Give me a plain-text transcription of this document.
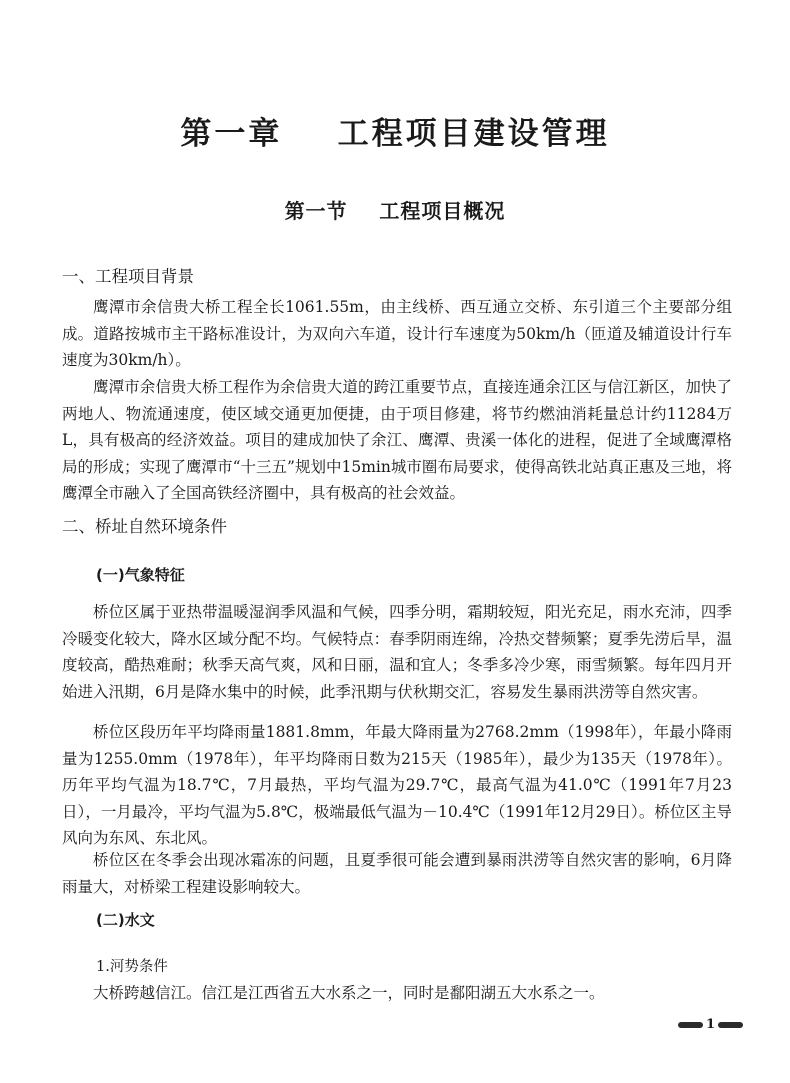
第一章    工程项目建设管理
第一节    工程项目概况
一、工程项目背景

鹰潭市余信贵大桥工程全长1061.55m，由主线桥、西互通立交桥、东引道三个主要部分组成。道路按城市主干路标准设计，为双向六车道，设计行车速度为50km/h（匝道及辅道设计行车速度为30km/h）。

鹰潭市余信贵大桥工程作为余信贵大道的跨江重要节点，直接连通余江区与信江新区，加快了两地人、物流通速度，使区域交通更加便捷，由于项目修建，将节约燃油消耗量总计约11284万L，具有极高的经济效益。项目的建成加快了余江、鹰潭、贵溪一体化的进程，促进了全域鹰潭格局的形成；实现了鹰潭市“十三五”规划中15min城市圈布局要求，使得高铁北站真正惠及三地，将鹰潭全市融入了全国高铁经济圈中，具有极高的社会效益。

二、桥址自然环境条件
(一)气象特征

桥位区属于亚热带温暖湿润季风温和气候，四季分明，霜期较短，阳光充足，雨水充沛，四季冷暖变化较大，降水区域分配不均。气候特点：春季阴雨连绵，冷热交替频繁；夏季先涝后旱，温度较高，酷热难耐；秋季天高气爽，风和日丽，温和宜人；冬季多冷少寒，雨雪频繁。每年四月开始进入汛期，6月是降水集中的时候，此季汛期与伏秋期交汇，容易发生暴雨洪涝等自然灾害。

桥位区段历年平均降雨量1881.8mm，年最大降雨量为2768.2mm（1998年），年最小降雨量为1255.0mm（1978年），年平均降雨日数为215天（1985年），最少为135天（1978年）。历年平均气温为18.7℃，7月最热，平均气温为29.7℃，最高气温为41.0℃（1991年7月23日），一月最冷，平均气温为5.8℃，极端最低气温为－10.4℃（1991年12月29日）。桥位区主导风向为东风、东北风。

桥位区在冬季会出现冰霜冻的问题，且夏季很可能会遭到暴雨洪涝等自然灾害的影响，6月降雨量大，对桥梁工程建设影响较大。

(二)水文
1.河势条件

大桥跨越信江。信江是江西省五大水系之一，同时是鄱阳湖五大水系之一。

1
